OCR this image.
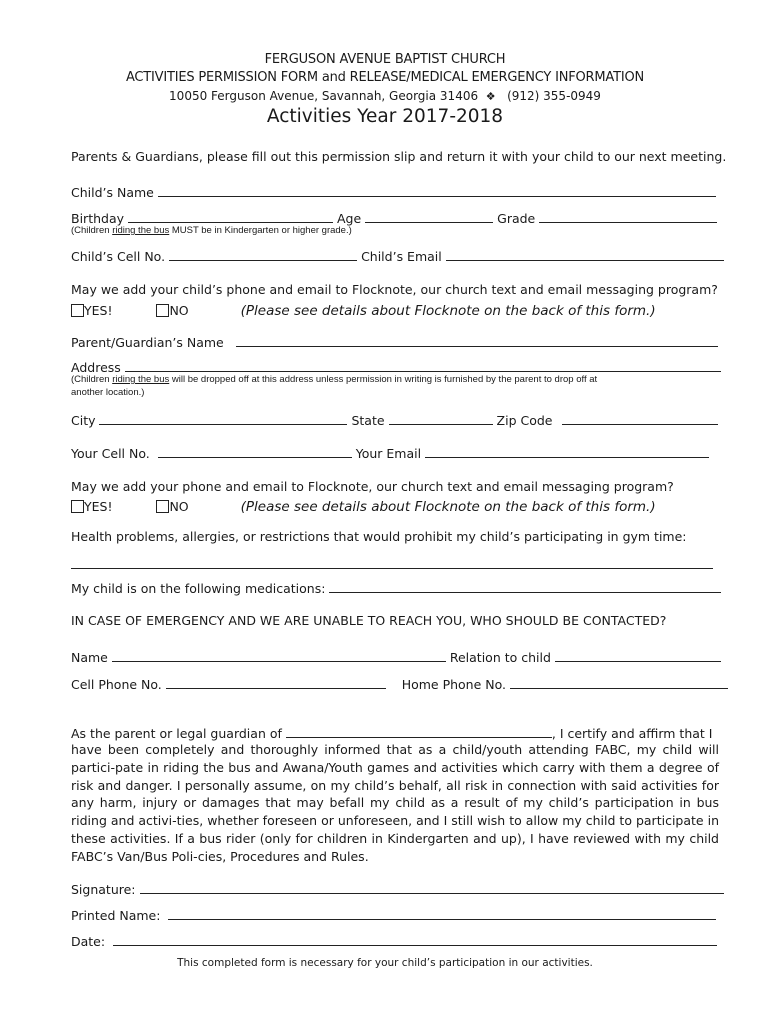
FERGUSON AVENUE BAPTIST CHURCH
ACTIVITIES PERMISSION FORM and RELEASE/MEDICAL EMERGENCY INFORMATION
10050 Ferguson Avenue, Savannah, Georgia 31406 ❖ (912) 355-0949
Activities Year 2017-2018
Parents & Guardians, please fill out this permission slip and return it with your child to our next meeting.
Child’s Name
Birthday	Age	Grade
(Children riding the bus MUST be in Kindergarten or higher grade.)
Child’s Cell No.	Child’s Email
May we add your child’s phone and email to Flocknote, our church text and email messaging program?
YES!	NO	(Please see details about Flocknote on the back of this form.)
Parent/Guardian’s Name
Address
(Children riding the bus will be dropped off at this address unless permission in writing is furnished by the parent to drop off at
another location.)
City	State	Zip Code
Your Cell No.	Your Email
May we add your phone and email to Flocknote, our church text and email messaging program?
YES!	NO	(Please see details about Flocknote on the back of this form.)
Health problems, allergies, or restrictions that would prohibit my child’s participating in gym time:
My child is on the following medications:
IN CASE OF EMERGENCY AND WE ARE UNABLE TO REACH YOU, WHO SHOULD BE CONTACTED?
Name	Relation to child
Cell Phone No.	Home Phone No.
As the parent or legal guardian of	, I certify and affirm that I
have been completely and thoroughly informed that as a child/youth attending FABC, my child will partici-pate in riding the bus and Awana/Youth games and activities which carry with them a degree of risk and danger. I personally assume, on my child’s behalf, all risk in connection with said activities for any harm, injury or damages that may befall my child as a result of my child’s participation in bus riding and activi-ties, whether foreseen or unforeseen, and I still wish to allow my child to participate in these activities. If a bus rider (only for children in Kindergarten and up), I have reviewed with my child FABC’s Van/Bus Poli-cies, Procedures and Rules.
Signature:
Printed Name:
Date:
This completed form is necessary for your child’s participation in our activities.
